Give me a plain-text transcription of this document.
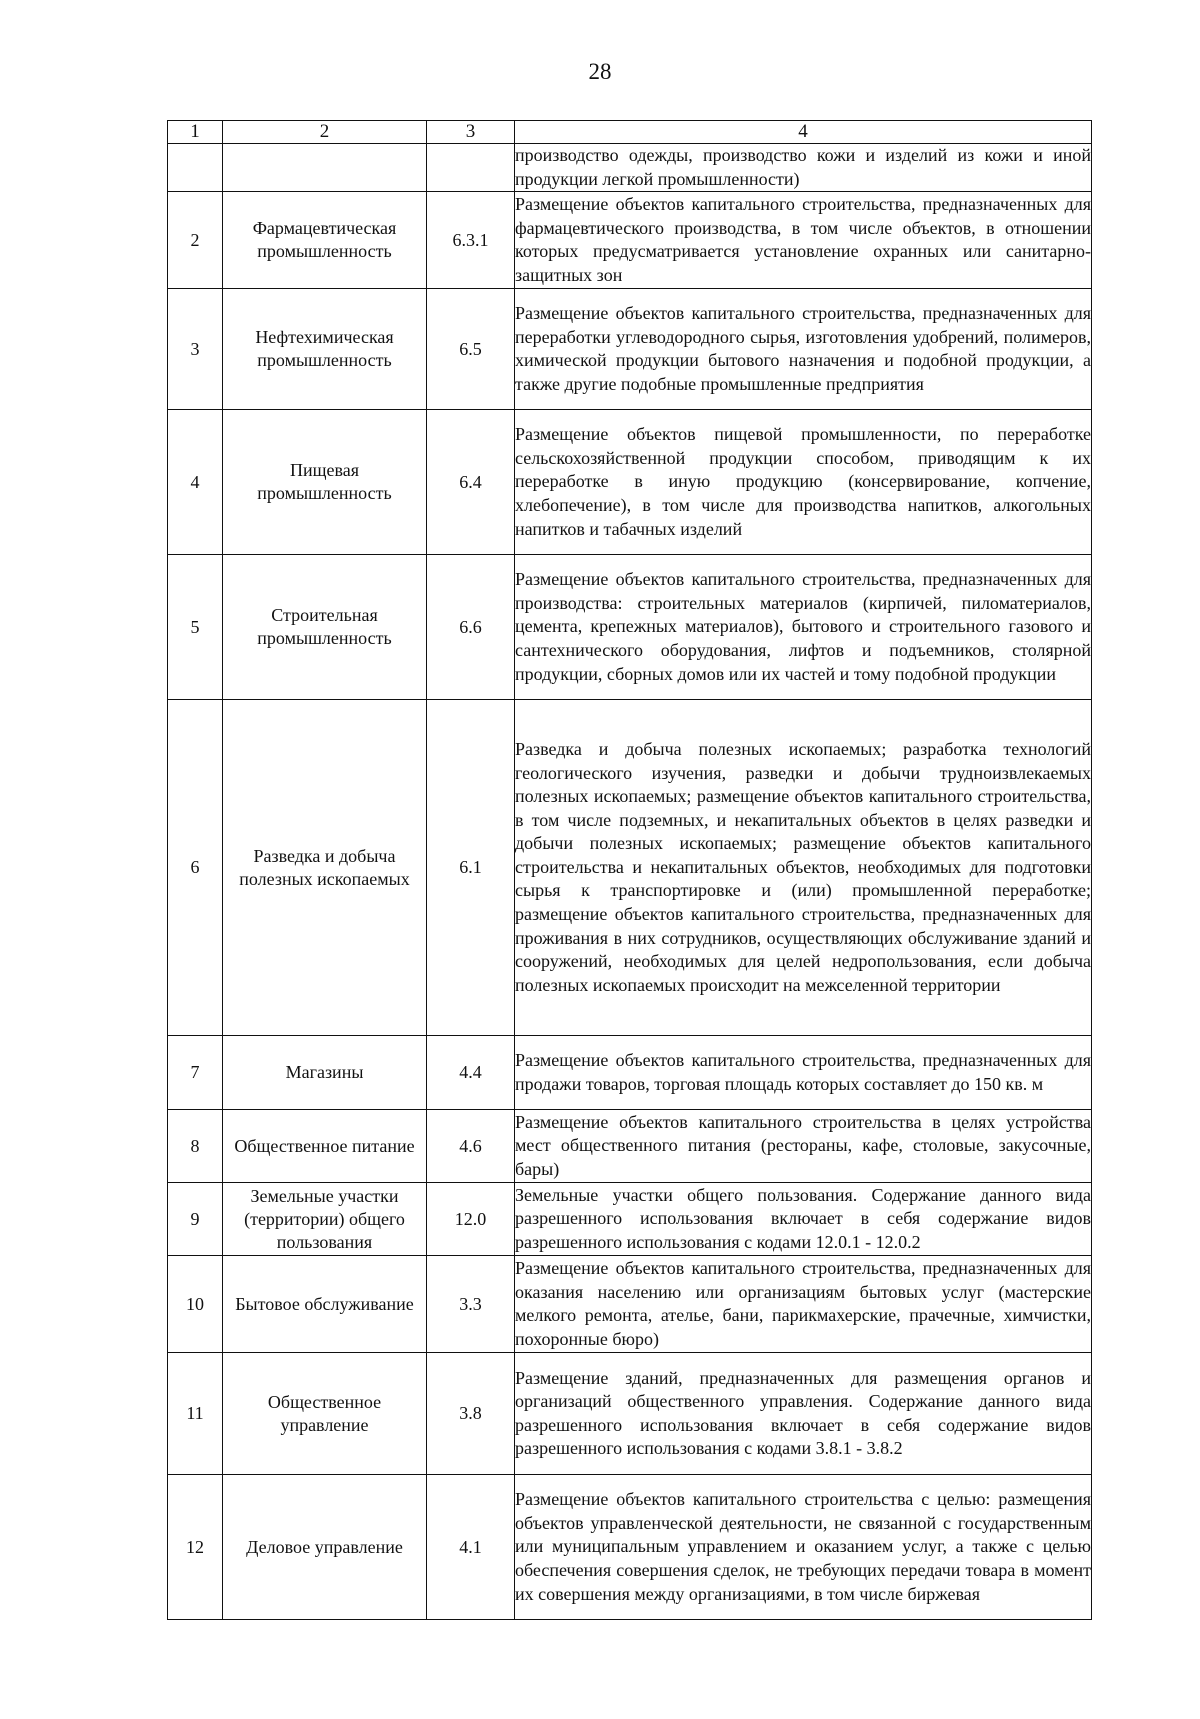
28
1	2	3	4
			производство одежды, производство кожи и изделий из кожи и иной продукции легкой промышленности)
2	Фармацевтическая промышленность	6.3.1	Размещение объектов капитального строительства, предназначенных для фармацевтического производства, в том числе объектов, в отношении которых предусматривается установление охранных или санитарно-защитных зон
3	Нефтехимическая промышленность	6.5	Размещение объектов капитального строительства, предназначенных для переработки углеводородного сырья, изготовления удобрений, полимеров, химической продукции бытового назначения и подобной продукции, а также другие подобные промышленные предприятия
4	Пищевая промышленность	6.4	Размещение объектов пищевой промышленности, по переработке сельскохозяйственной продукции способом, приводящим к их переработке в иную продукцию (консервирование, копчение, хлебопечение), в том числе для производства напитков, алкогольных напитков и табачных изделий
5	Строительная промышленность	6.6	Размещение объектов капитального строительства, предназначенных для производства: строительных материалов (кирпичей, пиломатериалов, цемента, крепежных материалов), бытового и строительного газового и сантехнического оборудования, лифтов и подъемников, столярной продукции, сборных домов или их частей и тому подобной продукции
6	Разведка и добыча полезных ископаемых	6.1	Разведка и добыча полезных ископаемых; разработка технологий геологического изучения, разведки и добычи трудноизвлекаемых полезных ископаемых; размещение объектов капитального строительства, в том числе подземных, и некапитальных объектов в целях разведки и добычи полезных ископаемых; размещение объектов капитального строительства и некапитальных объектов, необходимых для подготовки сырья к транспортировке и (или) промышленной переработке; размещение объектов капитального строительства, предназначенных для проживания в них сотрудников, осуществляющих обслуживание зданий и сооружений, необходимых для целей недропользования, если добыча полезных ископаемых происходит на межселенной территории
7	Магазины	4.4	Размещение объектов капитального строительства, предназначенных для продажи товаров, торговая площадь которых составляет до 150 кв. м
8	Общественное питание	4.6	Размещение объектов капитального строительства в целях устройства мест общественного питания (рестораны, кафе, столовые, закусочные, бары)
9	Земельные участки (территории) общего пользования	12.0	Земельные участки общего пользования. Содержание данного вида разрешенного использования включает в себя содержание видов разрешенного использования с кодами 12.0.1 - 12.0.2
10	Бытовое обслуживание	3.3	Размещение объектов капитального строительства, предназначенных для оказания населению или организациям бытовых услуг (мастерские мелкого ремонта, ателье, бани, парикмахерские, прачечные, химчистки, похоронные бюро)
11	Общественное управление	3.8	Размещение зданий, предназначенных для размещения органов и организаций общественного управления. Содержание данного вида разрешенного использования включает в себя содержание видов разрешенного использования с кодами 3.8.1 - 3.8.2
12	Деловое управление	4.1	Размещение объектов капитального строительства с целью: размещения объектов управленческой деятельности, не связанной с государственным или муниципальным управлением и оказанием услуг, а также с целью обеспечения совершения сделок, не требующих передачи товара в момент их совершения между организациями, в том числе биржевая
